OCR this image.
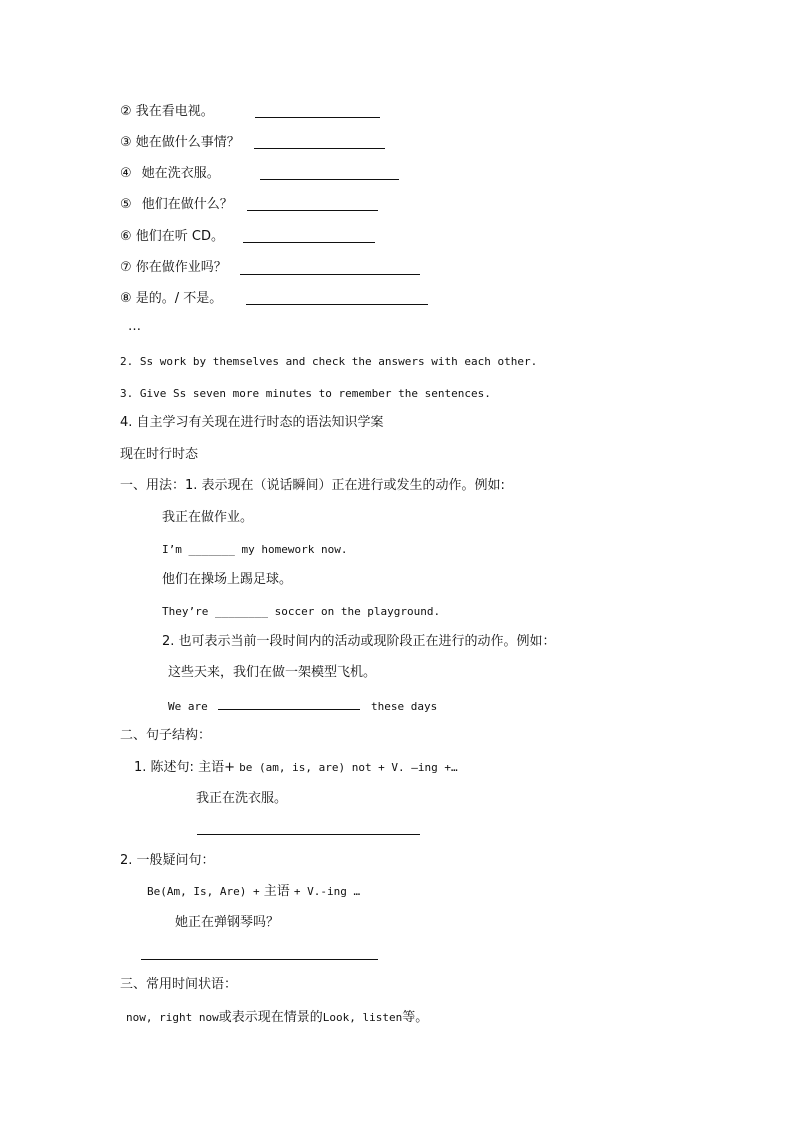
② 我在看电视。
③ 她在做什么事情？
④ 她在洗衣服。
⑤ 他们在做什么？
⑥ 他们在听 CD。
⑦ 你在做作业吗？
⑧ 是的。/ 不是。
…
2. Ss work by themselves and check the answers with each other.
3. Give Ss seven more minutes to remember the sentences.
4. 自主学习有关现在进行时态的语法知识学案
现在时行时态
一、用法：1. 表示现在（说话瞬间）正在进行或发生的动作。例如:
我正在做作业。
I’m _______ my homework now.
他们在操场上踢足球。
They’re ________ soccer on the playground.
2. 也可表示当前一段时间内的活动或现阶段正在进行的动作。例如：
这些天来，我们在做一架模型飞机。
We are	these days
二、句子结构：
1. 陈述句: 主语+ be (am, is, are) not + V. –ing +…
我正在洗衣服。
2. 一般疑问句：
Be(Am, Is, Are) + 主语 + V.-ing …
她正在弹钢琴吗？
三、常用时间状语：
now, right now或表示现在情景的Look, listen等。
